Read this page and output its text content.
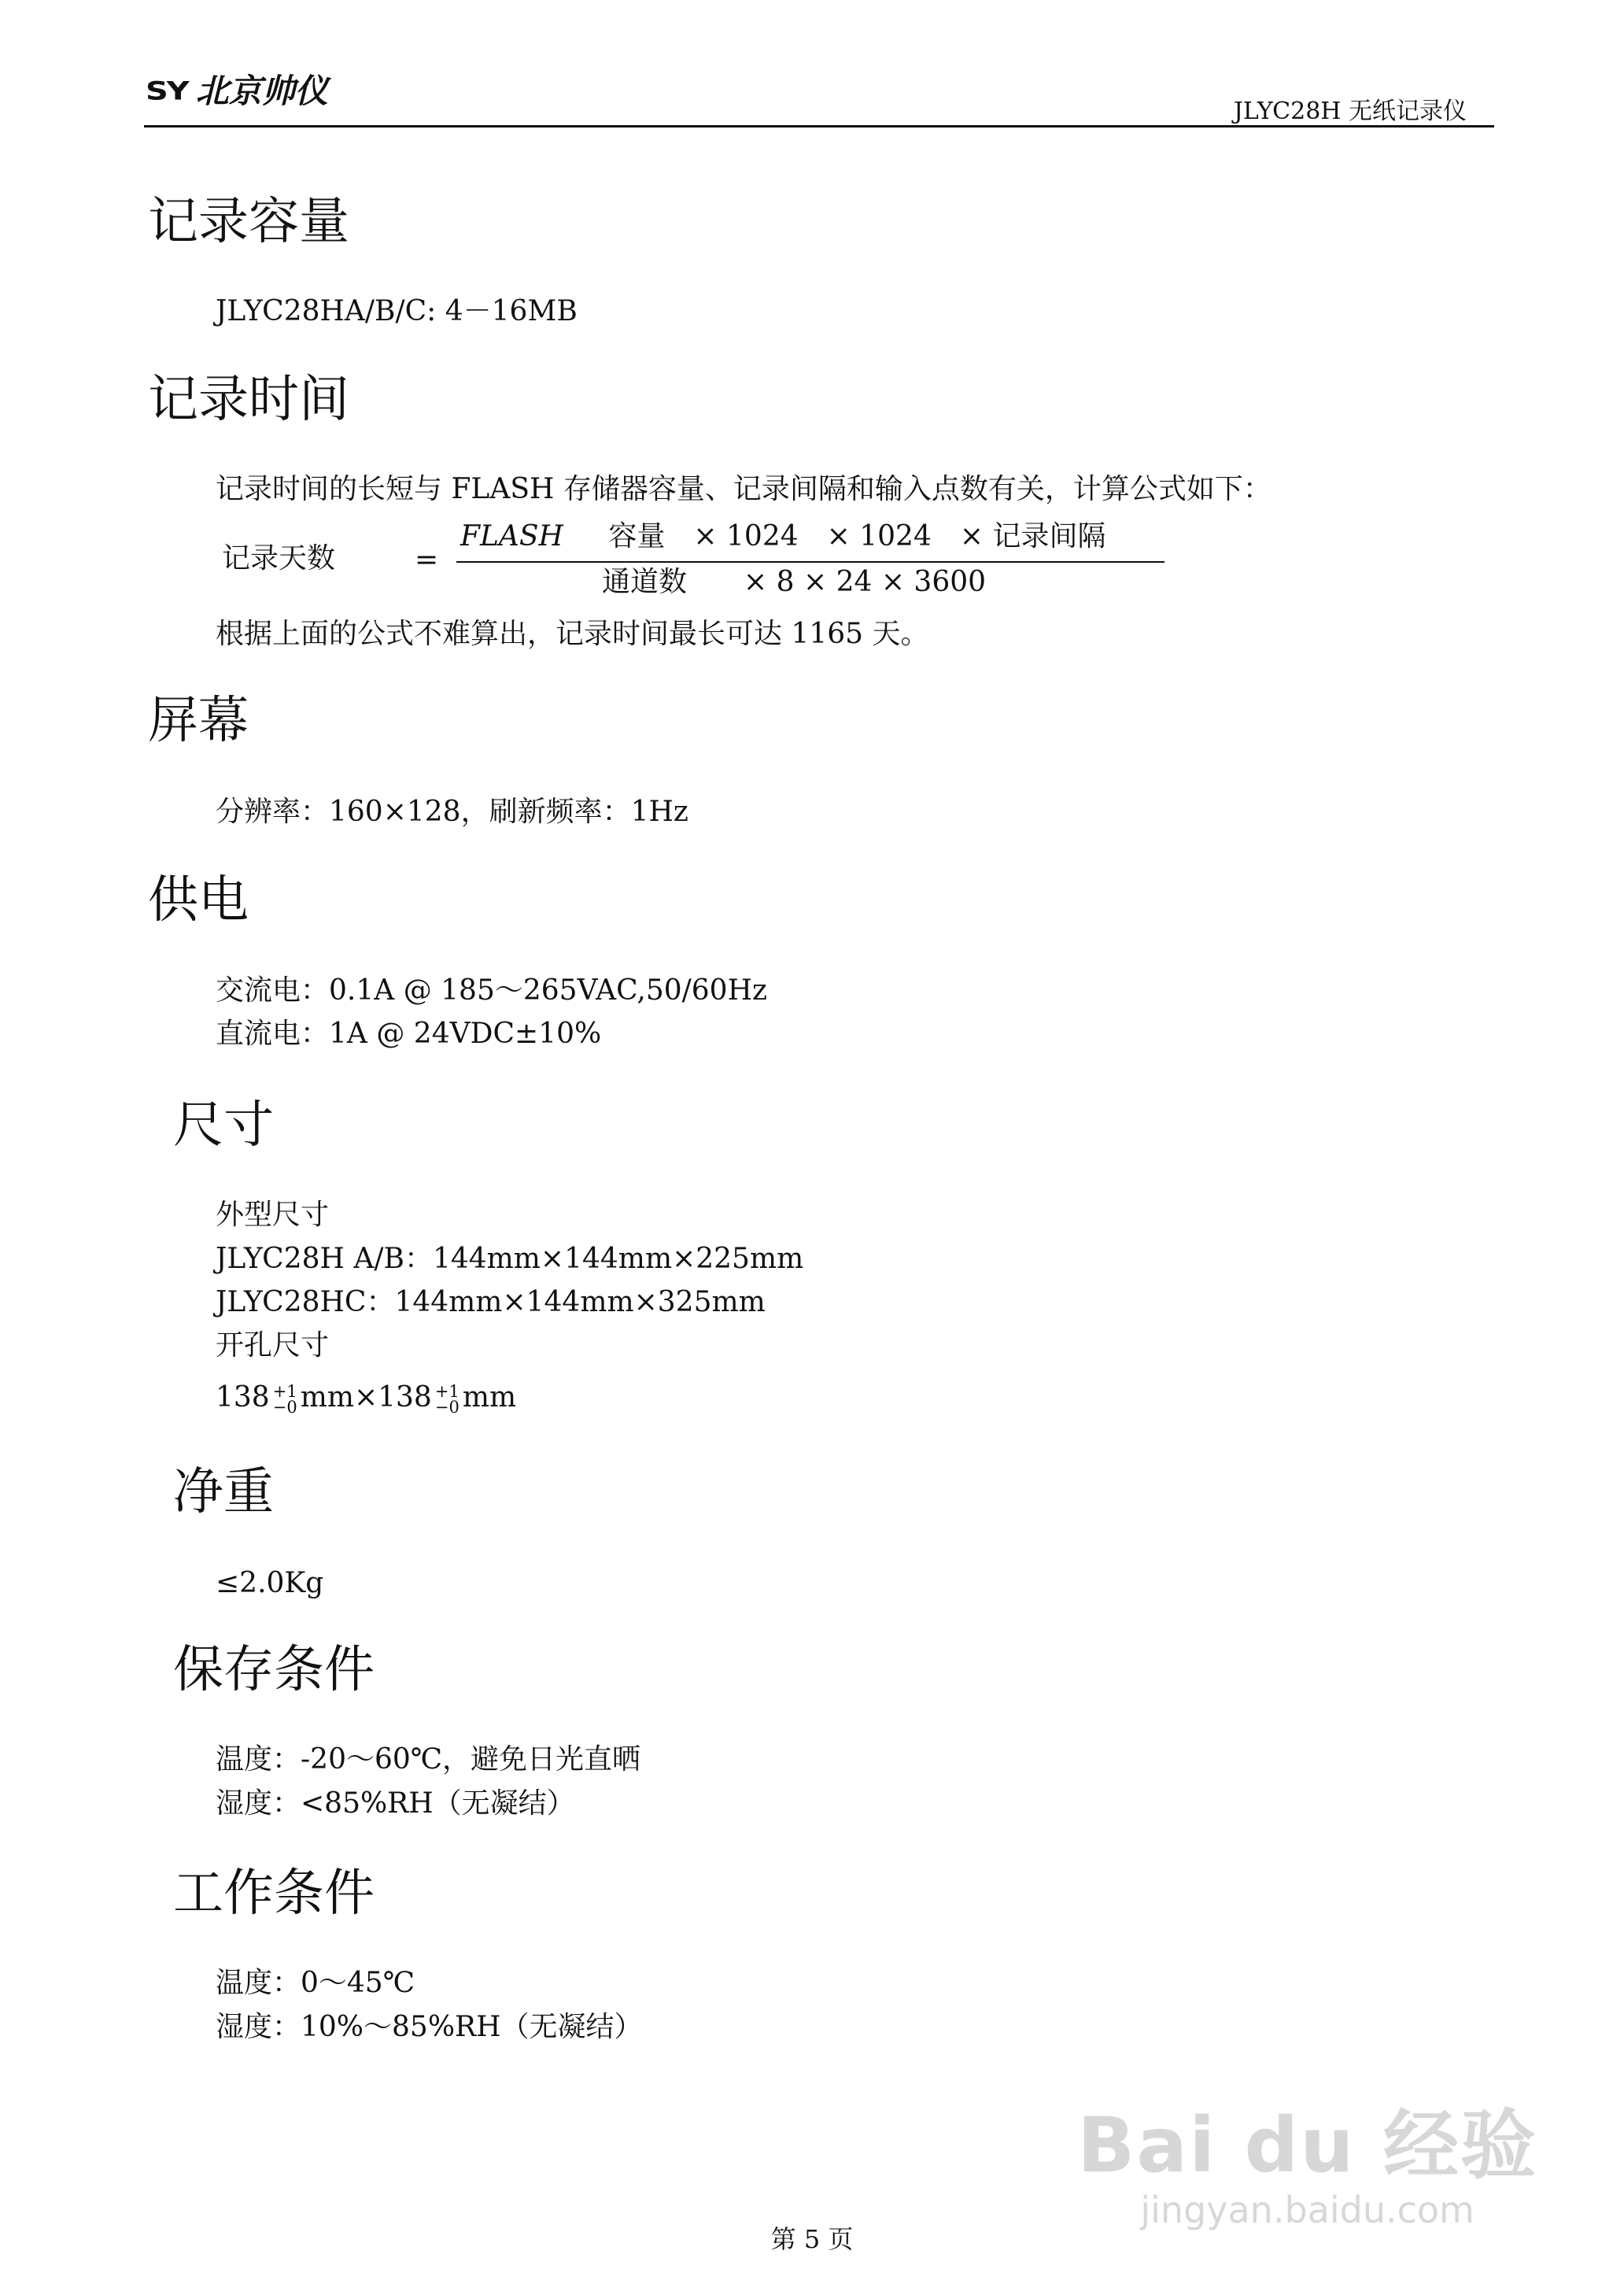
SY 北京帅仪
JLYC28H 无纸记录仪
记录容量
JLYC28HA/B/C: 4－16MB
记录时间
记录时间的长短与 FLASH 存储器容量、记录间隔和输入点数有关，计算公式如下：
记录天数	=
FLASH 容量　× 1024　× 1024　× 记录间隔
通道数　　× 8 × 24 × 3600
根据上面的公式不难算出，记录时间最长可达 1165 天。
屏幕
分辨率：160×128，刷新频率：1Hz
供电
交流电：0.1A @ 185～265VAC,50/60Hz
直流电：1A @ 24VDC±10%
尺寸
外型尺寸
JLYC28H A/B：144mm×144mm×225mm
JLYC28HC：144mm×144mm×325mm
开孔尺寸
138 +1
−0 mm×138 +1
−0 mm
净重
≤2.0Kg
保存条件
温度：-20～60℃，避免日光直晒
湿度：<85%RH（无凝结）
工作条件
温度：0～45℃
湿度：10%～85%RH（无凝结）
Bai du 经验
jingyan.baidu.com
第 5 页
